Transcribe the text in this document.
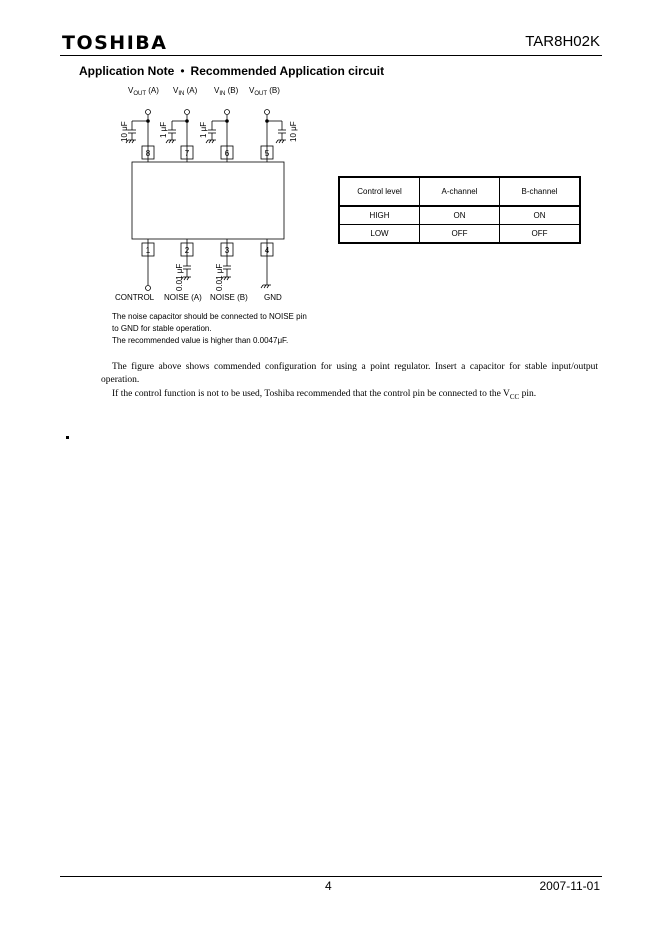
TOSHIBA	TAR8H02K
Application Note • Recommended Application circuit
$V_{OUT}$ (A) $V_{IN}$ (A) $V_{IN}$ (B) $V_{OUT}$ (B)
8	7	6	5
1	2	3	4
10 μF	1 μF	1 μF	10 μF
0.01 μF	0.01 μF
CONTROL NOISE (A) NOISE (B) GND
The noise capacitor should be connected to NOISE pin
to GND for stable operation.
The recommended value is higher than 0.0047μF.
Control level	A-channel	B-channel
HIGH	ON	ON
LOW	OFF	OFF
The figure above shows commended configuration for using a point regulator. Insert a capacitor for stable input/output operation.
If the control function is not to be used, Toshiba recommended that the control pin be connected to the $V_{CC}$ pin.
4	2007-11-01
